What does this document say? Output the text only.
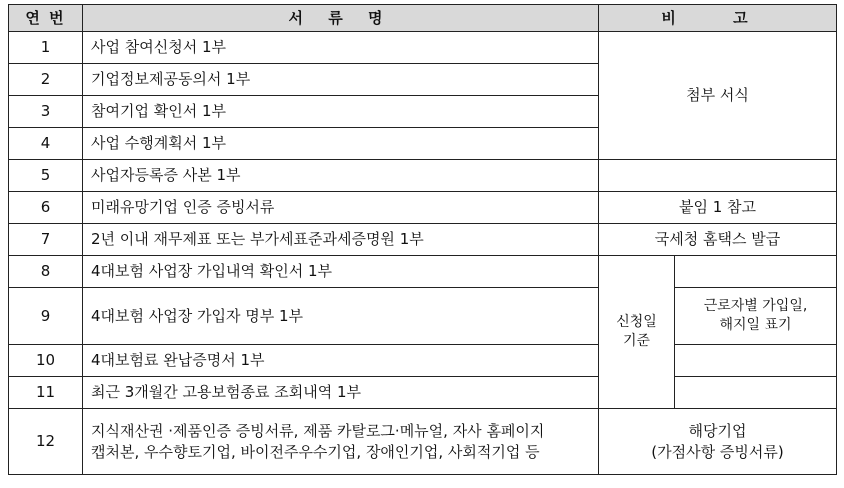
연 번	서 류 명	비 고	
1	사업 참여신청서 1부	첨부 서식	
2	기업정보제공동의서 1부		
3	참여기업 확인서 1부		
4	사업 수행계획서 1부		
5	사업자등록증 사본 1부		
6	미래유망기업 인증 증빙서류	붙임 1 참고	
7	2년 이내 재무제표 또는 부가세표준과세증명원 1부	국세청 홈택스 발급	
8	4대보험 사업장 가입내역 확인서 1부	신청일
기준	
9	4대보험 사업장 가입자 명부 1부		근로자별 가입일,
해지일 표기
10	4대보험료 완납증명서 1부		
11	최근 3개월간 고용보험종료 조회내역 1부		
12	지식재산권 ·제품인증 증빙서류, 제품 카탈로그·메뉴얼, 자사 홈페이지
캡처본, 우수향토기업, 바이전주우수기업, 장애인기업, 사회적기업 등	해당기업
(가점사항 증빙서류)	
